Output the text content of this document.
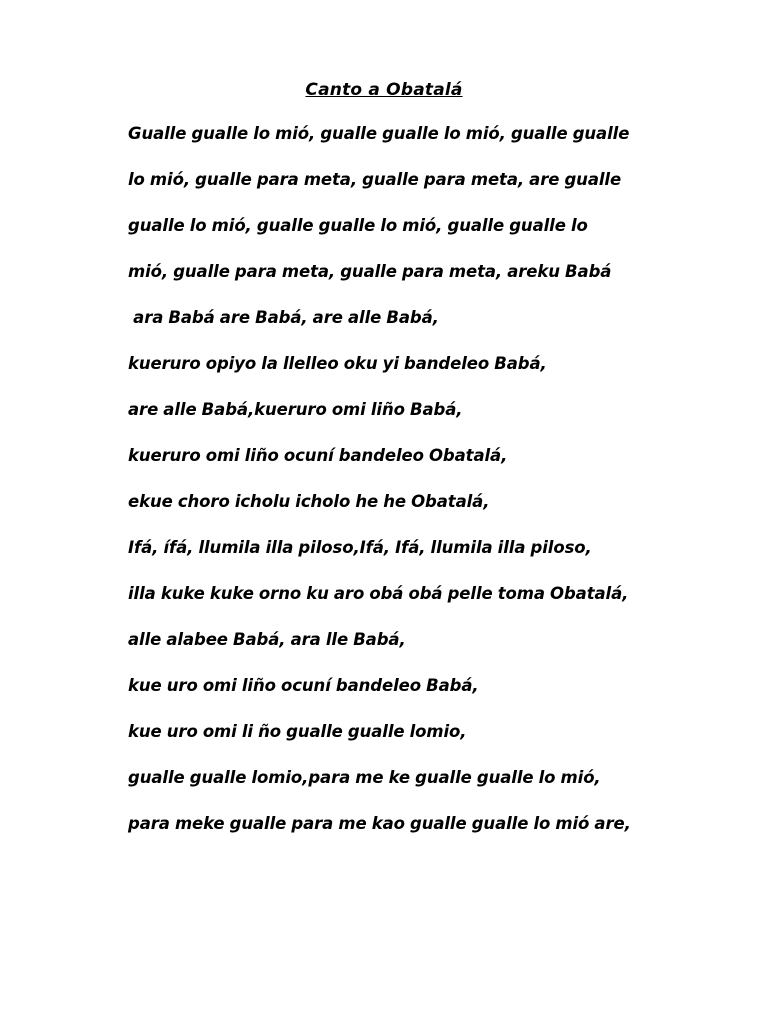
Canto a Obatalá
Gualle gualle lo mió, gualle gualle lo mió, gualle gualle
lo mió, gualle para meta, gualle para meta, are gualle
gualle lo mió, gualle gualle lo mió, gualle gualle lo
mió, gualle para meta, gualle para meta, areku Babá
ara Babá are Babá, are alle Babá,
kueruro opiyo la llelleo oku yi bandeleo Babá,
are alle Babá,kueruro omi liño Babá,
kueruro omi liño ocuní bandeleo Obatalá,
ekue choro icholu icholo he he Obatalá,
Ifá, ífá, llumila illa piloso,Ifá, Ifá, llumila illa piloso,
illa kuke kuke orno ku aro obá obá pelle toma Obatalá,
alle alabee Babá, ara lle Babá,
kue uro omi liño ocuní bandeleo Babá,
kue uro omi li ño gualle gualle lomio,
gualle gualle lomio,para me ke gualle gualle lo mió,
para meke gualle para me kao gualle gualle lo mió are,
